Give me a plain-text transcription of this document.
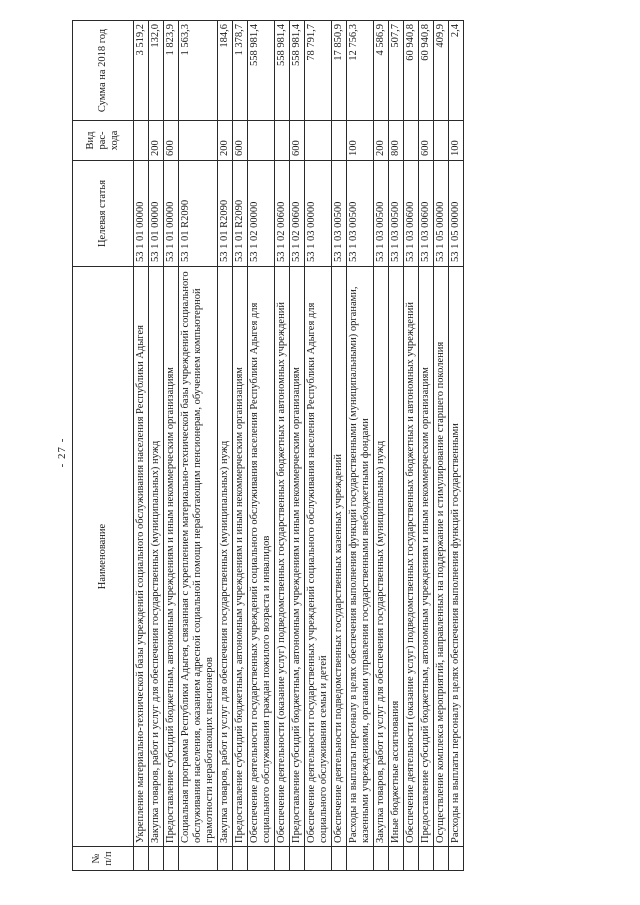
- 27 -
№ п/п	Наименование	Целевая статья	Вид рас-хода	Сумма на 2018 год
	Укрепление материально-технической базы учреждений социального обслуживания населения Республики Адыгея	53 1 01 00000		3 519,2
	Закупка товаров, работ и услуг для обеспечения государственных (муниципальных) нужд	53 1 01 00000	200	132,0
	Предоставление субсидий бюджетным, автономным учреждениям и иным некоммерческим организациям	53 1 01 00000	600	1 823,9
	Социальная программа Республики Адыгея, связанная с укреплением материально-технической базы учреждений социального обслуживания населения, оказанием адресной социальной помощи неработающим пенсионерам, обучением компьютерной грамотности неработающих пенсионеров	53 1 01 R2090		1 563,3
	Закупка товаров, работ и услуг для обеспечения государственных (муниципальных) нужд	53 1 01 R2090	200	184,6
	Предоставление субсидий бюджетным, автономным учреждениям и иным некоммерческим организациям	53 1 01 R2090	600	1 378,7
	Обеспечение деятельности государственных учреждений социального обслуживания населения Республики Адыгея для социального обслуживания граждан пожилого возраста и инвалидов	53 1 02 00000		558 981,4
	Обеспечение деятельности (оказание услуг) подведомственных государственных бюджетных и автономных учреждений	53 1 02 00600		558 981,4
	Предоставление субсидий бюджетным, автономным учреждениям и иным некоммерческим организациям	53 1 02 00600	600	558 981,4
	Обеспечение деятельности государственных учреждений социального обслуживания населения Республики Адыгея для социального обслуживания семьи и детей	53 1 03 00000		78 791,7
	Обеспечение деятельности подведомственных государственных казенных учреждений	53 1 03 00500		17 850,9
	Расходы на выплаты персоналу в целях обеспечения выполнения функций государственными (муниципальными) органами, казенными учреждениями, органами управления государственными внебюджетными фондами	53 1 03 00500	100	12 756,3
	Закупка товаров, работ и услуг для обеспечения государственных (муниципальных) нужд	53 1 03 00500	200	4 586,9
	Иные бюджетные ассигнования	53 1 03 00500	800	507,7
	Обеспечение деятельности (оказание услуг) подведомственных государственных бюджетных и автономных учреждений	53 1 03 00600		60 940,8
	Предоставление субсидий бюджетным, автономным учреждениям и иным некоммерческим организациям	53 1 03 00600	600	60 940,8
	Осуществление комплекса мероприятий, направленных на поддержание и стимулирование старшего поколения	53 1 05 00000		409,9
	Расходы на выплаты персоналу в целях обеспечения выполнения функций государственными	53 1 05 00000	100	2,4
